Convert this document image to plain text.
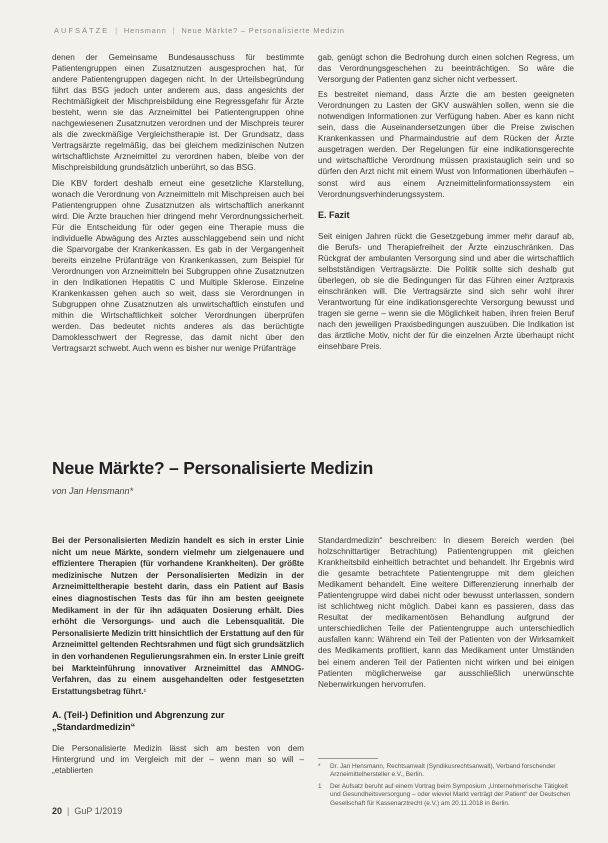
AUFSÄTZE | Hensmann | Neue Märkte? – Personalisierte Medizin

denen der Gemeinsame Bundesausschuss für bestimmte Patientengruppen einen Zusatznutzen ausgesprochen hat, für andere Patientengruppen dagegen nicht. In der Urteilsbegründung führt das BSG jedoch unter anderem aus, dass angesichts der Rechtmäßigkeit der Mischpreisbildung eine Regressgefahr für Ärzte besteht, wenn sie das Arzneimittel bei Patientengruppen ohne nachgewiesenen Zusatznutzen verordnen und der Mischpreis teurer als die zweckmäßige Vergleichstherapie ist. Der Grundsatz, dass Vertragsärzte regelmäßig, das bei gleichem medizinischen Nutzen wirtschaftlichste Arzneimittel zu verordnen haben, bleibe von der Mischpreisbildung grundsätzlich unberührt, so das BSG.

Die KBV fordert deshalb erneut eine gesetzliche Klarstellung, wonach die Verordnung von Arzneimitteln mit Mischpreisen auch bei Patientengruppen ohne Zusatznutzen als wirtschaftlich anerkannt wird. Die Ärzte brauchen hier dringend mehr Verordnungssicherheit. Für die Entscheidung für oder gegen eine Therapie muss die individuelle Abwägung des Arztes ausschlaggebend sein und nicht die Sparvorgabe der Krankenkassen. Es gab in der Vergangenheit bereits einzelne Prüfanträge von Krankenkassen, zum Beispiel für Verordnungen von Arzneimitteln bei Subgruppen ohne Zusatznutzen in den Indikationen Hepatitis C und Multiple Sklerose. Einzelne Krankenkassen gehen auch so weit, dass sie Verordnungen in Subgruppen ohne Zusatznutzen als unwirtschaftlich einstufen und mithin die Wirtschaftlichkeit solcher Verordnungen überprüfen werden. Das bedeutet nichts anderes als das berüchtigte Damoklesschwert der Regresse, das damit nicht über den Vertragsarzt schwebt. Auch wenn es bisher nur wenige Prüfanträge

gab, genügt schon die Bedrohung durch einen solchen Regress, um das Verordnungsgeschehen zu beeinträchtigen. So wäre die Versorgung der Patienten ganz sicher nicht verbessert.

Es bestreitet niemand, dass Ärzte die am besten geeigneten Verordnungen zu Lasten der GKV auswählen sollen, wenn sie die notwendigen Informationen zur Verfügung haben. Aber es kann nicht sein, dass die Auseinandersetzungen über die Preise zwischen Krankenkassen und Pharmaindustrie auf dem Rücken der Ärzte ausgetragen werden. Der Regelungen für eine indikationsgerechte und wirtschaftliche Verordnung müssen praxistauglich sein und so dürfen den Arzt nicht mit einem Wust von Informationen überhäufen – sonst wird aus einem Arzneimittelinformationssystem ein Verordnungsverhinderungssystem.

E. Fazit

Seit einigen Jahren rückt die Gesetzgebung immer mehr darauf ab, die Berufs- und Therapiefreiheit der Ärzte einzuschränken. Das Rückgrat der ambulanten Versorgung sind und aber die wirtschaftlich selbstständigen Vertragsärzte. Die Politik sollte sich deshalb gut überlegen, ob sie die Bedingungen für das Führen einer Arztpraxis einschränken will. Die Vertragsärzte sind sich sehr wohl ihrer Verantwortung für eine indikationsgerechte Versorgung bewusst und tragen sie gerne – wenn sie die Möglichkeit haben, ihren freien Beruf nach den jeweiligen Praxisbedingungen auszuüben. Die Indikation ist das ärztliche Motiv, nicht der für die einzelnen Ärzte überhaupt nicht einsehbare Preis.

Neue Märkte? – Personalisierte Medizin
von Jan Hensmann*

Bei der Personalisierten Medizin handelt es sich in erster Linie nicht um neue Märkte, sondern vielmehr um zielgenauere und effizientere Therapien (für vorhandene Krankheiten). Der größte medizinische Nutzen der Personalisierten Medizin in der Arzneimitteltherapie besteht darin, dass ein Patient auf Basis eines diagnostischen Tests das für ihn am besten geeignete Medikament in der für ihn adäquaten Dosierung erhält. Dies erhöht die Versorgungs- und auch die Lebensqualität. Die Personalisierte Medizin tritt hinsichtlich der Erstattung auf den für Arzneimittel geltenden Rechtsrahmen und fügt sich grundsätzlich in den vorhandenen Regulierungsrahmen ein. In erster Linie greift bei Markteinführung innovativer Arzneimittel das AMNOG-Verfahren, das zu einem ausgehandelten oder festgesetzten Erstattungsbetrag führt.¹

A. (Teil-) Definition und Abgrenzung zur „Standardmedizin“

Die Personalisierte Medizin lässt sich am besten von dem Hintergrund und im Vergleich mit der – wenn man so will – „etablierten

Standardmedizin“ beschreiben: In diesem Bereich werden (bei holzschnittartiger Betrachtung) Patientengruppen mit gleichen Krankheitsbild einheitlich betrachtet und behandelt. Ihr Ergebnis wird die gesamte betrachtete Patientengruppe mit dem gleichen Medikament behandelt. Eine weitere Differenzierung innerhalb der Patientengruppe wird dabei nicht oder bewusst unterlassen, sondern ist schlichtweg nicht möglich. Dabei kann es passieren, dass das Resultat der medikamentösen Behandlung aufgrund der unterschiedlichen Teile der Patientengruppe auch unterschiedlich ausfallen kann: Während ein Teil der Patienten von der Wirksamkeit des Medikaments profitiert, kann das Medikament unter Umständen bei einem anderen Teil der Patienten nicht wirken und bei einigen Patienten möglicherweise gar ausschließlich unerwünschte Nebenwirkungen hervorrufen.

*	Dr. Jan Hensmann, Rechtsanwalt (Syndikusrechtsanwalt), Verband forschender Arzneimittelhersteller e.V., Berlin.
1	Der Aufsatz beruht auf einem Vortrag beim Symposium „Unternehmerische Tätigkeit und Gesundheitsversorgung – oder wieviel Markt verträgt der Patient“ der Deutschen Gesellschaft für Kassenarztrecht (e.V.) am 20.11.2018 in Berlin.
20 | GuP 1/2019
